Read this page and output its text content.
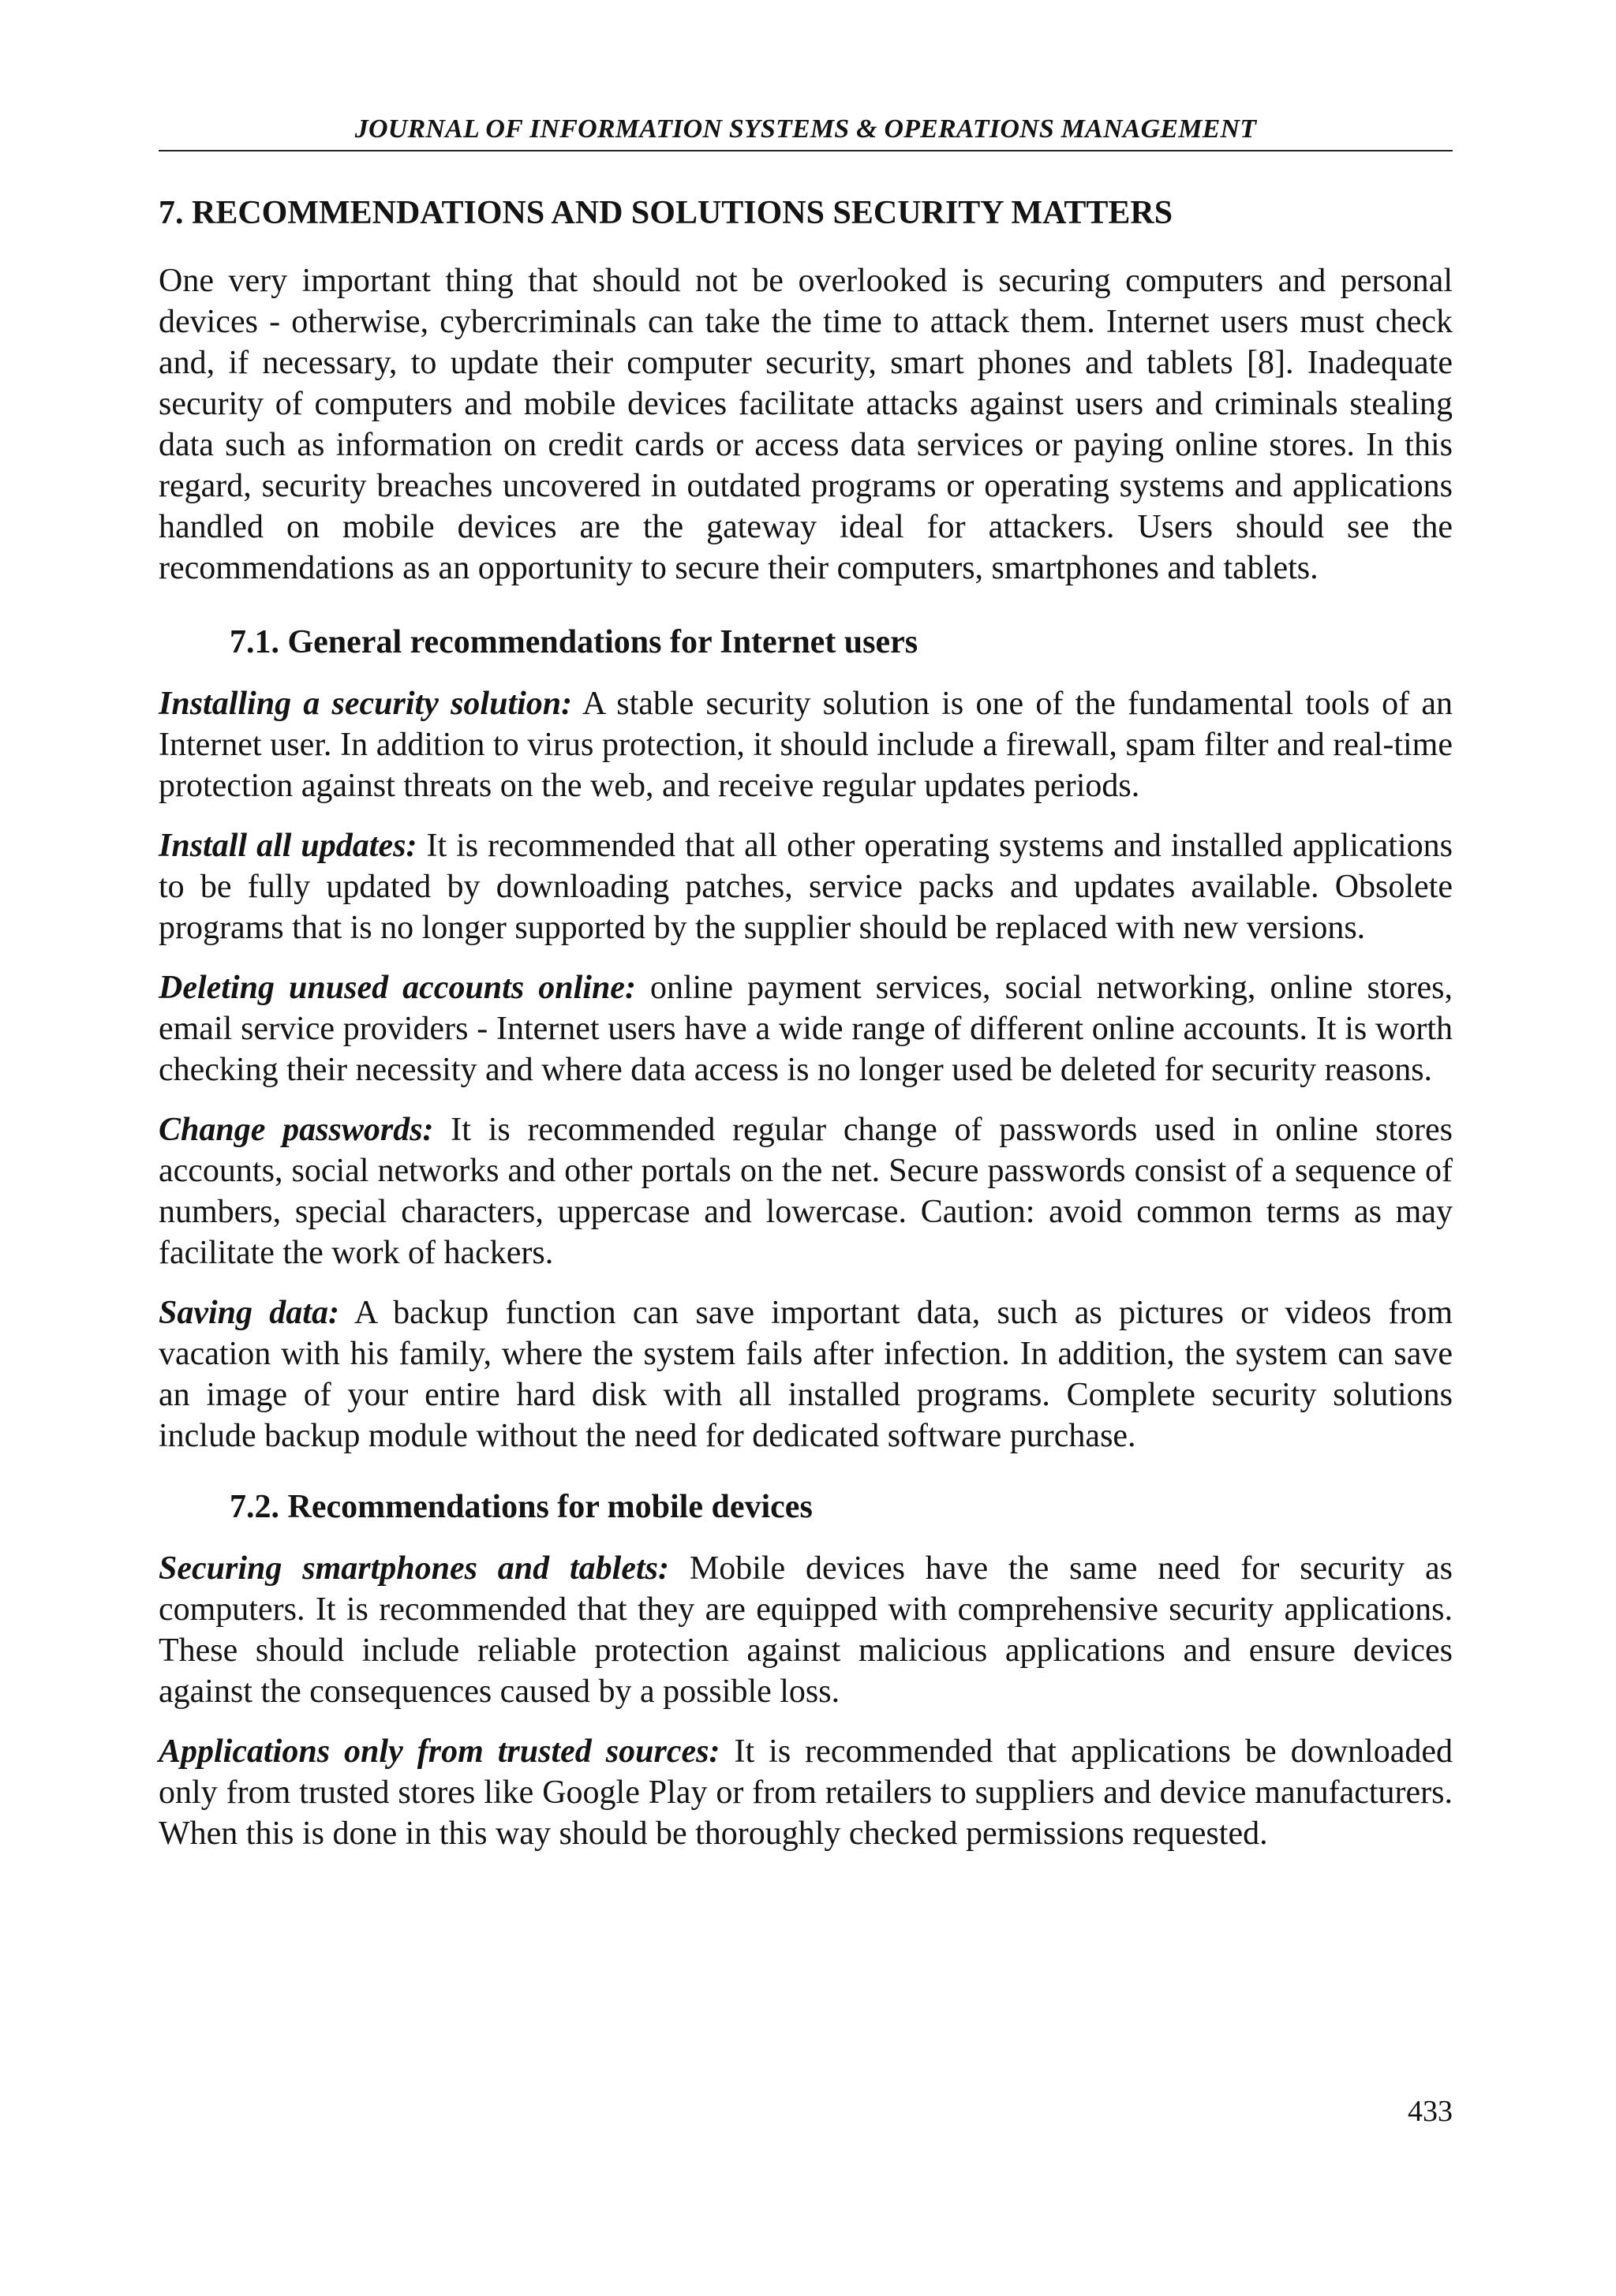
JOURNAL OF INFORMATION SYSTEMS & OPERATIONS MANAGEMENT
7. RECOMMENDATIONS AND SOLUTIONS SECURITY MATTERS

One very important thing that should not be overlooked is securing computers and personal devices - otherwise, cybercriminals can take the time to attack them. Internet users must check and, if necessary, to update their computer security, smart phones and tablets [8]. Inadequate security of computers and mobile devices facilitate attacks against users and criminals stealing data such as information on credit cards or access data services or paying online stores. In this regard, security breaches uncovered in outdated programs or operating systems and applications handled on mobile devices are the gateway ideal for attackers. Users should see the recommendations as an opportunity to secure their computers, smartphones and tablets.

7.1. General recommendations for Internet users

Installing a security solution: A stable security solution is one of the fundamental tools of an Internet user. In addition to virus protection, it should include a firewall, spam filter and real-time protection against threats on the web, and receive regular updates periods.

Install all updates: It is recommended that all other operating systems and installed applications to be fully updated by downloading patches, service packs and updates available. Obsolete programs that is no longer supported by the supplier should be replaced with new versions.

Deleting unused accounts online: online payment services, social networking, online stores, email service providers - Internet users have a wide range of different online accounts. It is worth checking their necessity and where data access is no longer used be deleted for security reasons.

Change passwords: It is recommended regular change of passwords used in online stores accounts, social networks and other portals on the net. Secure passwords consist of a sequence of numbers, special characters, uppercase and lowercase. Caution: avoid common terms as may facilitate the work of hackers.

Saving data: A backup function can save important data, such as pictures or videos from vacation with his family, where the system fails after infection. In addition, the system can save an image of your entire hard disk with all installed programs. Complete security solutions include backup module without the need for dedicated software purchase.

7.2. Recommendations for mobile devices

Securing smartphones and tablets: Mobile devices have the same need for security as computers. It is recommended that they are equipped with comprehensive security applications. These should include reliable protection against malicious applications and ensure devices against the consequences caused by a possible loss.

Applications only from trusted sources: It is recommended that applications be downloaded only from trusted stores like Google Play or from retailers to suppliers and device manufacturers. When this is done in this way should be thoroughly checked permissions requested.

433
